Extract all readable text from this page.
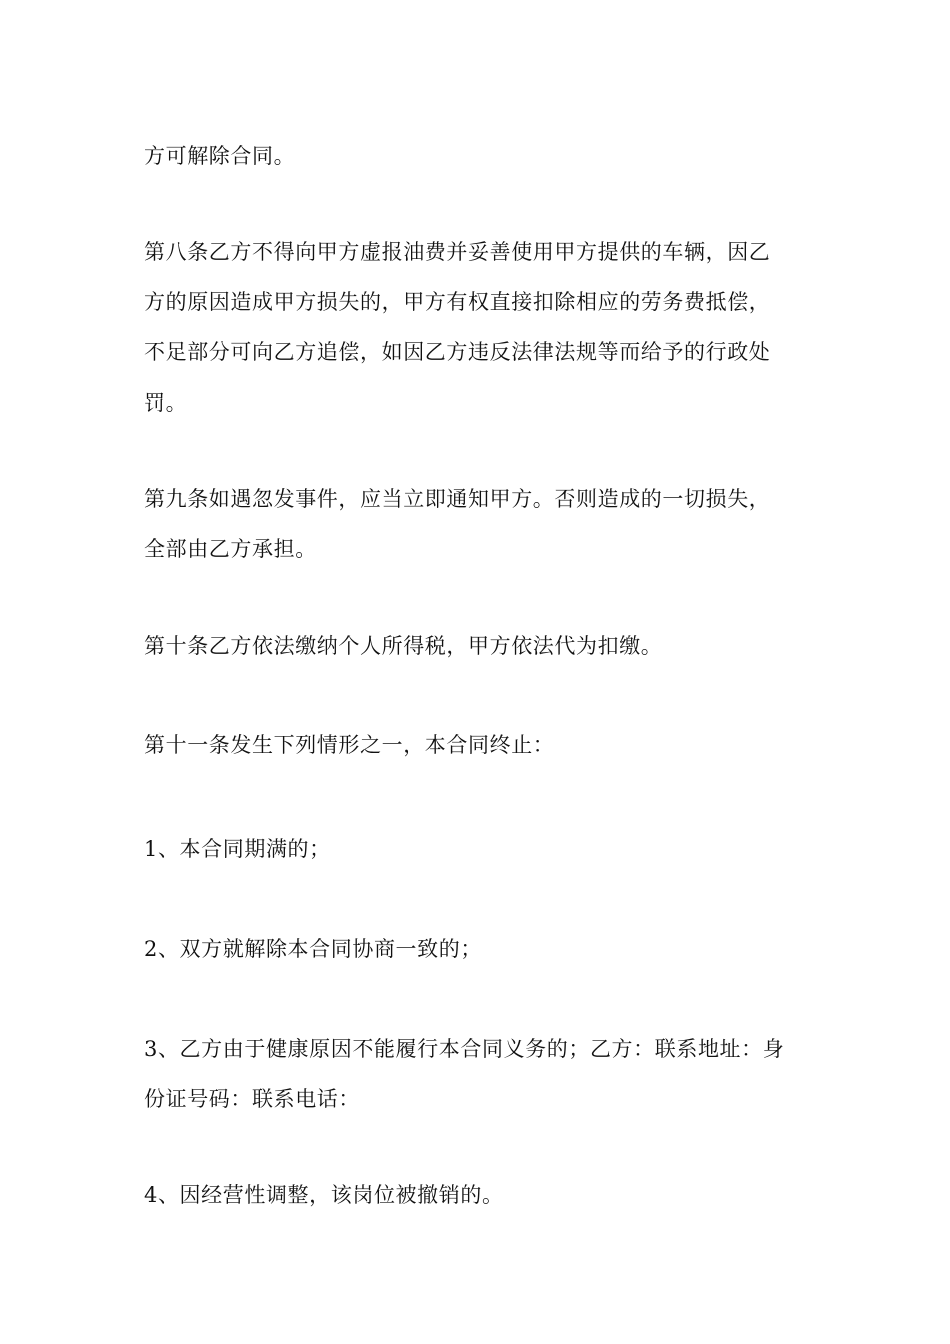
方可解除合同。

第八条乙方不得向甲方虚报油费并妥善使用甲方提供的车辆，因乙

方的原因造成甲方损失的，甲方有权直接扣除相应的劳务费抵偿，

不足部分可向乙方追偿，如因乙方违反法律法规等而给予的行政处

罚。

第九条如遇忽发事件，应当立即通知甲方。否则造成的一切损失，

全部由乙方承担。

第十条乙方依法缴纳个人所得税，甲方依法代为扣缴。

第十一条发生下列情形之一，本合同终止：

1、本合同期满的；

2、双方就解除本合同协商一致的；

3、乙方由于健康原因不能履行本合同义务的；乙方：联系地址：身

份证号码：联系电话：

4、因经营性调整，该岗位被撤销的。
